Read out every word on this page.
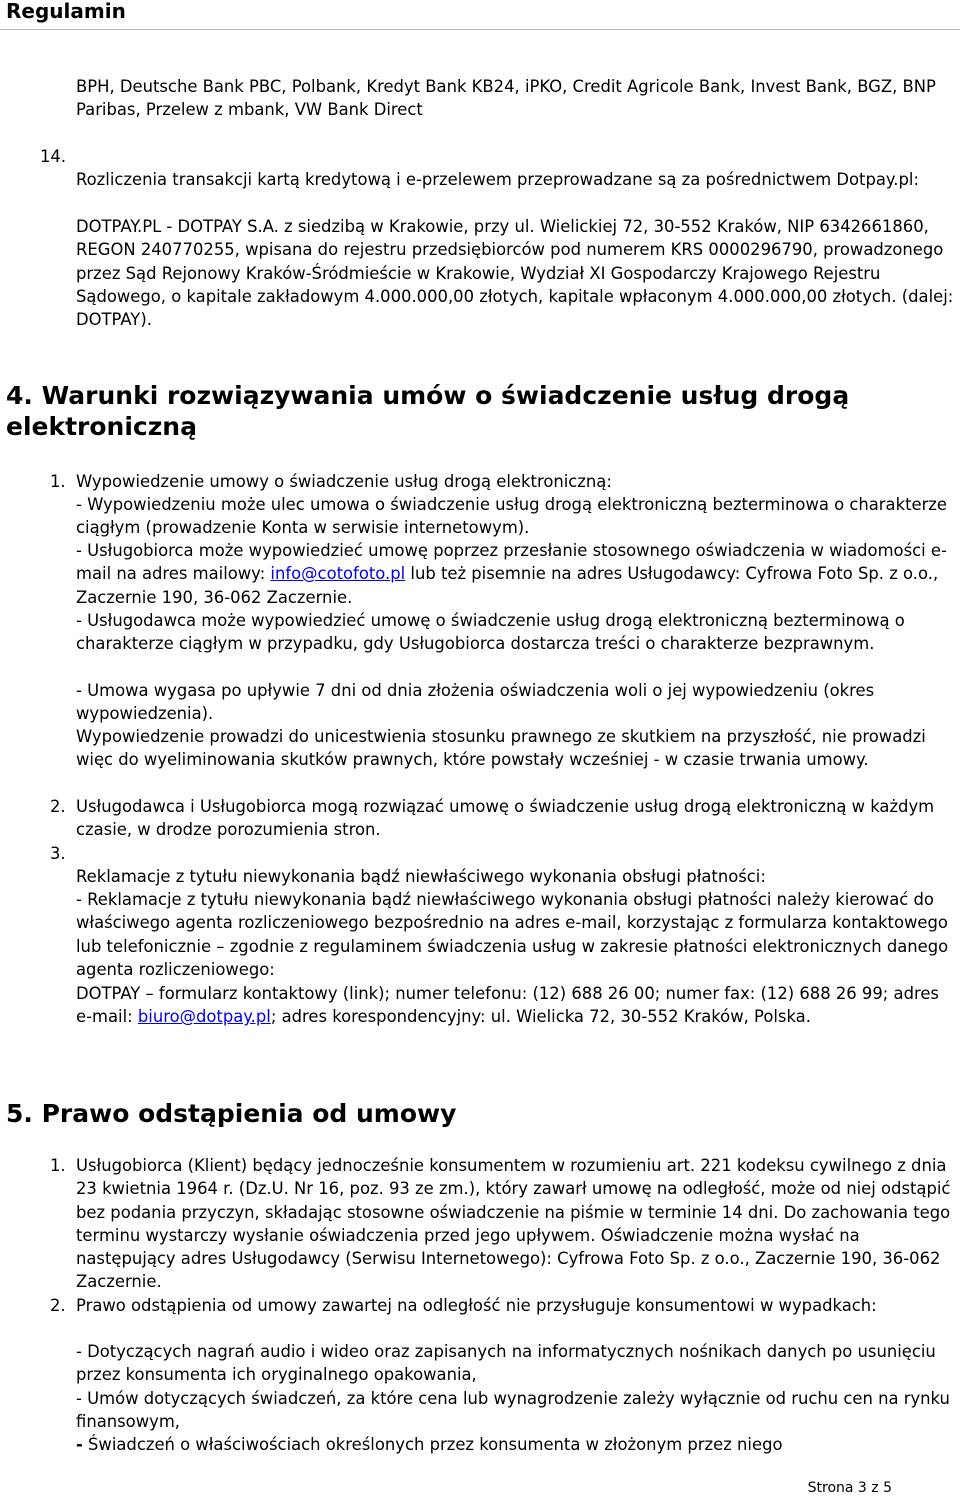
Regulamin

BPH, Deutsche Bank PBC, Polbank, Kredyt Bank KB24, iPKO, Credit Agricole Bank, Invest Bank, BGZ, BNP Paribas, Przelew z mbank, VW Bank Direct

14.

Rozliczenia transakcji kartą kredytową i e-przelewem przeprowadzane są za pośrednictwem Dotpay.pl:

DOTPAY.PL - DOTPAY S.A. z siedzibą w Krakowie, przy ul. Wielickiej 72, 30-552 Kraków, NIP 6342661860, REGON 240770255, wpisana do rejestru przedsiębiorców pod numerem KRS 0000296790, prowadzonego przez Sąd Rejonowy Kraków-Śródmieście w Krakowie, Wydział XI Gospodarczy Krajowego Rejestru Sądowego, o kapitale zakładowym 4.000.000,00 złotych, kapitale wpłaconym 4.000.000,00 złotych. (dalej: DOTPAY).

4. Warunki rozwiązywania umów o świadczenie usług drogą elektroniczną

1. Wypowiedzenie umowy o świadczenie usług drogą elektroniczną:

- Wypowiedzeniu może ulec umowa o świadczenie usług drogą elektroniczną bezterminowa o charakterze ciągłym (prowadzenie Konta w serwisie internetowym).

- Usługobiorca może wypowiedzieć umowę poprzez przesłanie stosownego oświadczenia w wiadomości e-mail na adres mailowy: info@cotofoto.pl lub też pisemnie na adres Usługodawcy: Cyfrowa Foto Sp. z o.o., Zaczernie 190, 36-062 Zaczernie.

- Usługodawca może wypowiedzieć umowę o świadczenie usług drogą elektroniczną bezterminową o charakterze ciągłym w przypadku, gdy Usługobiorca dostarcza treści o charakterze bezprawnym.

- Umowa wygasa po upływie 7 dni od dnia złożenia oświadczenia woli o jej wypowiedzeniu (okres wypowiedzenia).

Wypowiedzenie prowadzi do unicestwienia stosunku prawnego ze skutkiem na przyszłość, nie prowadzi więc do wyeliminowania skutków prawnych, które powstały wcześniej - w czasie trwania umowy.

2. Usługodawca i Usługobiorca mogą rozwiązać umowę o świadczenie usług drogą elektroniczną w każdym czasie, w drodze porozumienia stron.

3.

Reklamacje z tytułu niewykonania bądź niewłaściwego wykonania obsługi płatności:

- Reklamacje z tytułu niewykonania bądź niewłaściwego wykonania obsługi płatności należy kierować do właściwego agenta rozliczeniowego bezpośrednio na adres e-mail, korzystając z formularza kontaktowego lub telefonicznie – zgodnie z regulaminem świadczenia usług w zakresie płatności elektronicznych danego agenta rozliczeniowego:

DOTPAY – formularz kontaktowy (link); numer telefonu: (12) 688 26 00; numer fax: (12) 688 26 99; adres e-mail: biuro@dotpay.pl; adres korespondencyjny: ul. Wielicka 72, 30-552 Kraków, Polska.

5. Prawo odstąpienia od umowy

1. Usługobiorca (Klient) będący jednocześnie konsumentem w rozumieniu art. 221 kodeksu cywilnego z dnia 23 kwietnia 1964 r. (Dz.U. Nr 16, poz. 93 ze zm.), który zawarł umowę na odległość, może od niej odstąpić bez podania przyczyn, składając stosowne oświadczenie na piśmie w terminie 14 dni. Do zachowania tego terminu wystarczy wysłanie oświadczenia przed jego upływem. Oświadczenie można wysłać na następujący adres Usługodawcy (Serwisu Internetowego): Cyfrowa Foto Sp. z o.o., Zaczernie 190, 36-062 Zaczernie.

2. Prawo odstąpienia od umowy zawartej na odległość nie przysługuje konsumentowi w wypadkach:

- Dotyczących nagrań audio i wideo oraz zapisanych na informatycznych nośnikach danych po usunięciu przez konsumenta ich oryginalnego opakowania,

- Umów dotyczących świadczeń, za które cena lub wynagrodzenie zależy wyłącznie od ruchu cen na rynku finansowym,

- Świadczeń o właściwościach określonych przez konsumenta w złożonym przez niego

Strona 3 z 5
